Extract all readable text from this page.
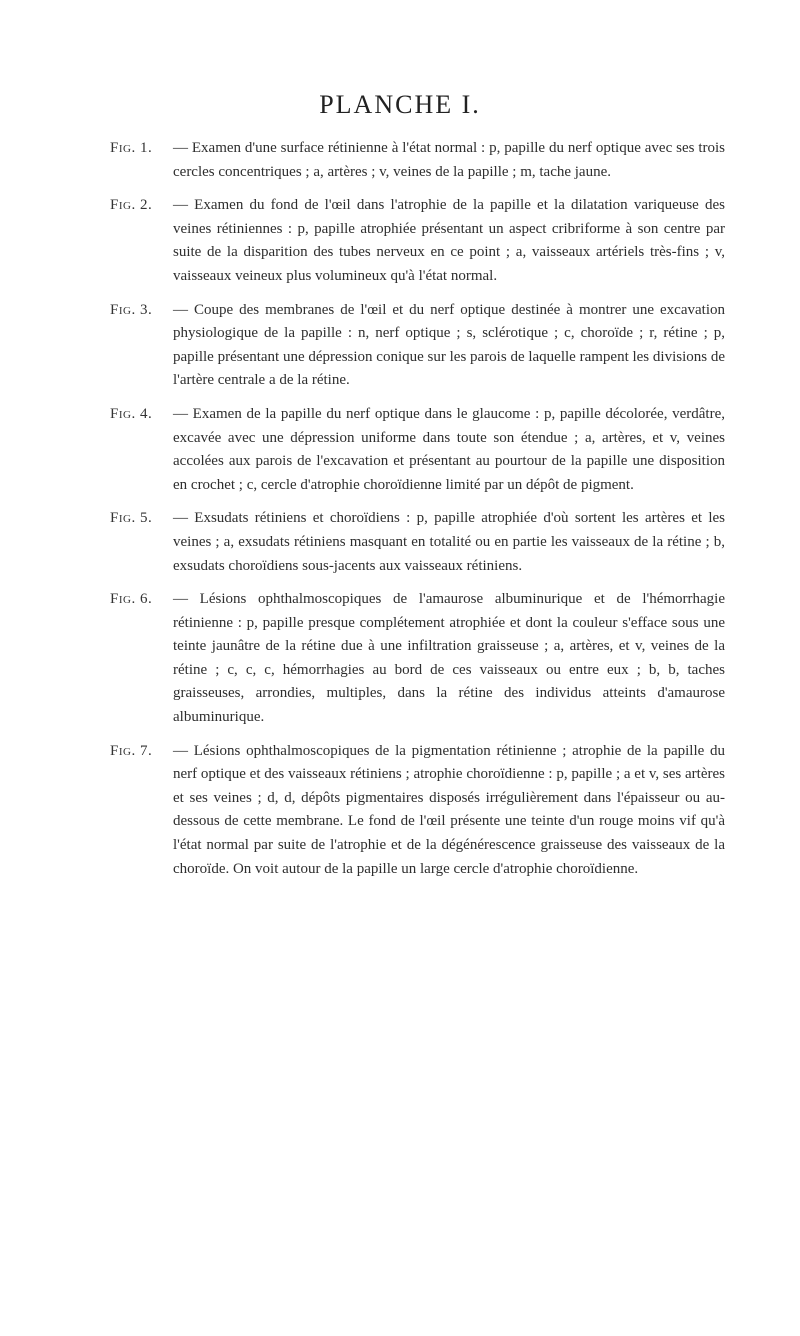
PLANCHE I.
Fig. 1.	— Examen d'une surface rétinienne à l'état normal : p, papille du nerf optique avec ses trois cercles concentriques ; a, artères ; v, veines de la papille ; m, tache jaune.
Fig. 2.	— Examen du fond de l'œil dans l'atrophie de la papille et la dilatation variqueuse des veines rétiniennes : p, papille atrophiée présentant un aspect cribriforme à son centre par suite de la disparition des tubes nerveux en ce point ; a, vaisseaux artériels très-fins ; v, vaisseaux veineux plus volumineux qu'à l'état normal.
Fig. 3.	— Coupe des membranes de l'œil et du nerf optique destinée à montrer une excavation physiologique de la papille : n, nerf optique ; s, sclérotique ; c, choroïde ; r, rétine ; p, papille présentant une dépression conique sur les parois de laquelle rampent les divisions de l'artère centrale a de la rétine.
Fig. 4.	— Examen de la papille du nerf optique dans le glaucome : p, papille décolorée, verdâtre, excavée avec une dépression uniforme dans toute son étendue ; a, artères, et v, veines accolées aux parois de l'excavation et présentant au pourtour de la papille une disposition en crochet ; c, cercle d'atrophie choroïdienne limité par un dépôt de pigment.
Fig. 5.	— Exsudats rétiniens et choroïdiens : p, papille atrophiée d'où sortent les artères et les veines ; a, exsudats rétiniens masquant en totalité ou en partie les vaisseaux de la rétine ; b, exsudats choroïdiens sous-jacents aux vaisseaux rétiniens.
Fig. 6.	— Lésions ophthalmoscopiques de l'amaurose albuminurique et de l'hémorrhagie rétinienne : p, papille presque complétement atrophiée et dont la couleur s'efface sous une teinte jaunâtre de la rétine due à une infiltration graisseuse ; a, artères, et v, veines de la rétine ; c, c, c, hémorrhagies au bord de ces vaisseaux ou entre eux ; b, b, taches graisseuses, arrondies, multiples, dans la rétine des individus atteints d'amaurose albuminurique.
Fig. 7.	— Lésions ophthalmoscopiques de la pigmentation rétinienne ; atrophie de la papille du nerf optique et des vaisseaux rétiniens ; atrophie choroïdienne : p, papille ; a et v, ses artères et ses veines ; d, d, dépôts pigmentaires disposés irrégulièrement dans l'épaisseur ou au-dessous de cette membrane. Le fond de l'œil présente une teinte d'un rouge moins vif qu'à l'état normal par suite de l'atrophie et de la dégénérescence graisseuse des vaisseaux de la choroïde. On voit autour de la papille un large cercle d'atrophie choroïdienne.
